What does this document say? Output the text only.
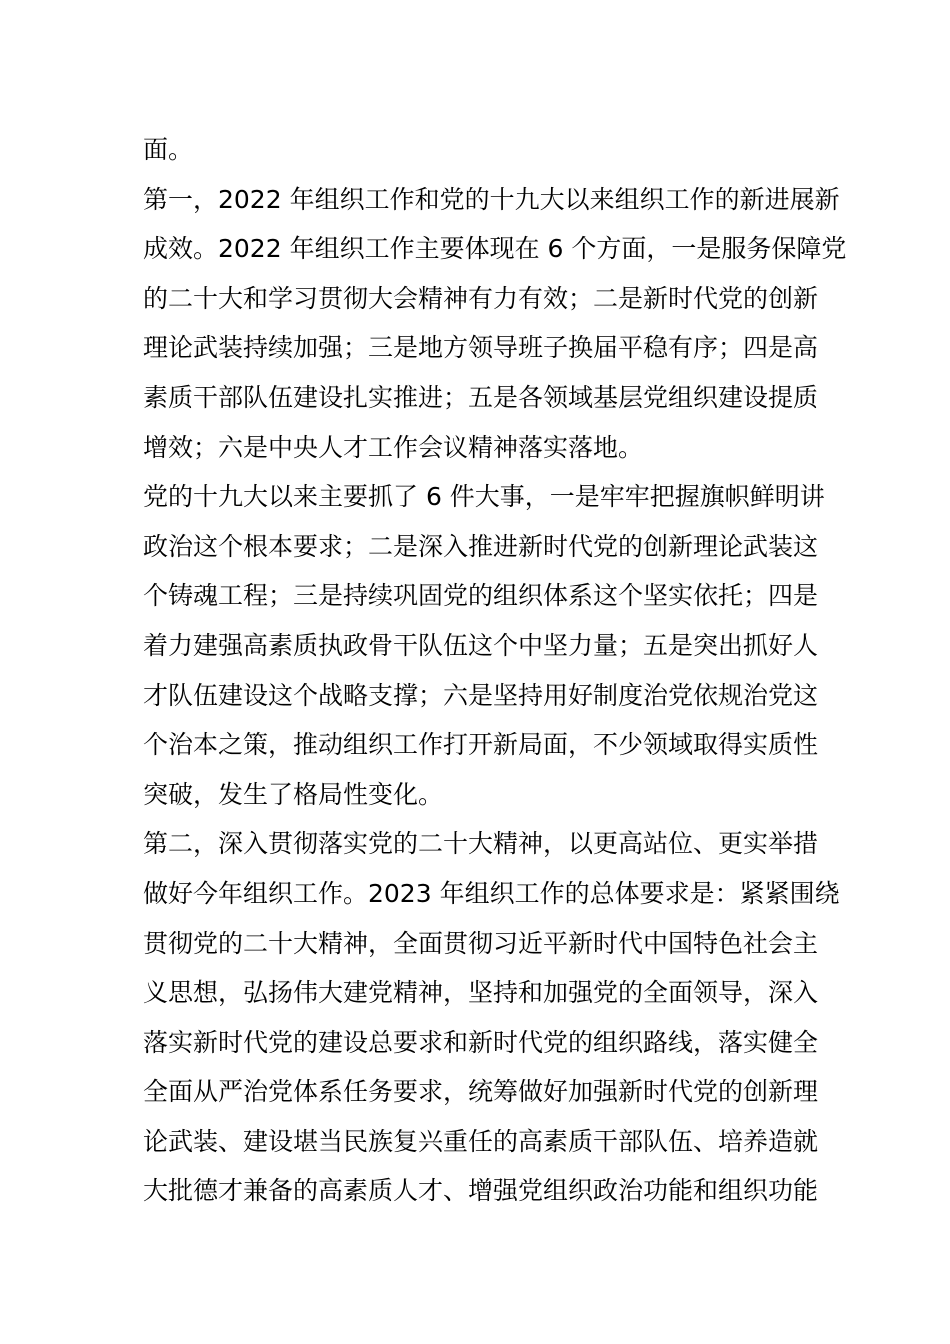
面。
第一，2022 年组织工作和党的十九大以来组织工作的新进展新
成效。2022 年组织工作主要体现在 6 个方面，一是服务保障党
的二十大和学习贯彻大会精神有力有效；二是新时代党的创新
理论武装持续加强；三是地方领导班子换届平稳有序；四是高
素质干部队伍建设扎实推进；五是各领域基层党组织建设提质
增效；六是中央人才工作会议精神落实落地。
党的十九大以来主要抓了 6 件大事，一是牢牢把握旗帜鲜明讲
政治这个根本要求；二是深入推进新时代党的创新理论武装这
个铸魂工程；三是持续巩固党的组织体系这个坚实依托；四是
着力建强高素质执政骨干队伍这个中坚力量；五是突出抓好人
才队伍建设这个战略支撑；六是坚持用好制度治党依规治党这
个治本之策，推动组织工作打开新局面，不少领域取得实质性
突破，发生了格局性变化。
第二，深入贯彻落实党的二十大精神，以更高站位、更实举措
做好今年组织工作。2023 年组织工作的总体要求是：紧紧围绕
贯彻党的二十大精神，全面贯彻习近平新时代中国特色社会主
义思想，弘扬伟大建党精神，坚持和加强党的全面领导，深入
落实新时代党的建设总要求和新时代党的组织路线，落实健全
全面从严治党体系任务要求，统筹做好加强新时代党的创新理
论武装、建设堪当民族复兴重任的高素质干部队伍、培养造就
大批德才兼备的高素质人才、增强党组织政治功能和组织功能
